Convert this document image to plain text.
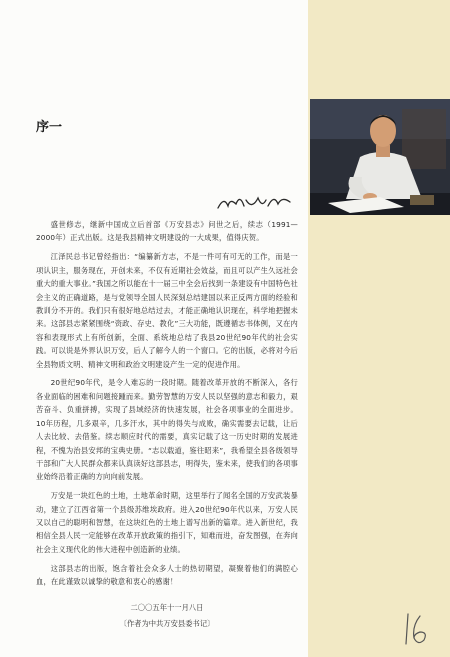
序一

盛世修志，继新中国成立后首部《万安县志》问世之后，续志（1991—2000年）正式出版。这是我县精神文明建设的一大成果，值得庆贺。

江泽民总书记曾经指出：“编纂新方志，不是一件可有可无的工作，而是一项认识主，服务现在，开创未来，不仅有近期社会效益，而且可以产生久远社会重大的重大事业。”我国之所以能在十一届三中全会后找到一条建设有中国特色社会主义的正确道路，是与党领导全国人民深刻总结建国以来正反两方面的经验和教训分不开的。我们只有很好地总结过去，才能正确地认识现在，科学地把握未来。这部县志紧紧围绕“资政、存史、教化”三大功能，既遵循志书体例，又在内容和表现形式上有所创新，全面、系统地总结了我县20世纪90年代的社会实践。可以说是外界认识万安，后人了解今人的一个窗口。它的出版，必将对今后全县物质文明、精神文明和政治文明建设产生一定的促进作用。

20世纪90年代，是令人难忘的一段时期。随着改革开放的不断深入，各行各业面临的困难和问题接踵而来。勤劳智慧的万安人民以坚强的意志和毅力，艰苦奋斗、负重拼搏，实现了县域经济的快速发展，社会各项事业的全面进步。10年历程，几多艰辛，几多汗水，其中的得失与成败，确实需要去记载，让后人去比较、去借鉴。续志顺应时代的需要，真实记载了这一历史时期的发展进程，不愧为治县安邦的宝典史册。“志以载道，鉴往昭来”，我希望全县各级领导干部和广大人民群众都来认真读好这部县志，明得失，鉴未来，使我们的各项事业始终沿着正确的方向向前发展。

万安是一块红色的土地，土地革命时期，这里举行了闻名全国的万安武装暴动，建立了江西省第一个县级苏维埃政府。进入20世纪90年代以来，万安人民又以自己的聪明和智慧，在这块红色的土地上谱写出新的篇章。进入新世纪，我相信全县人民一定能够在改革开放政策的指引下，知难而进，奋发图强，在奔向社会主义现代化的伟大进程中创造新的业绩。

这部县志的出版，饱含着社会众多人士的热切期望，凝聚着他们的满腔心血，在此谨致以诚挚的敬意和衷心的感谢！

二〇〇五年十一月八日
〔作者为中共万安县委书记〕
